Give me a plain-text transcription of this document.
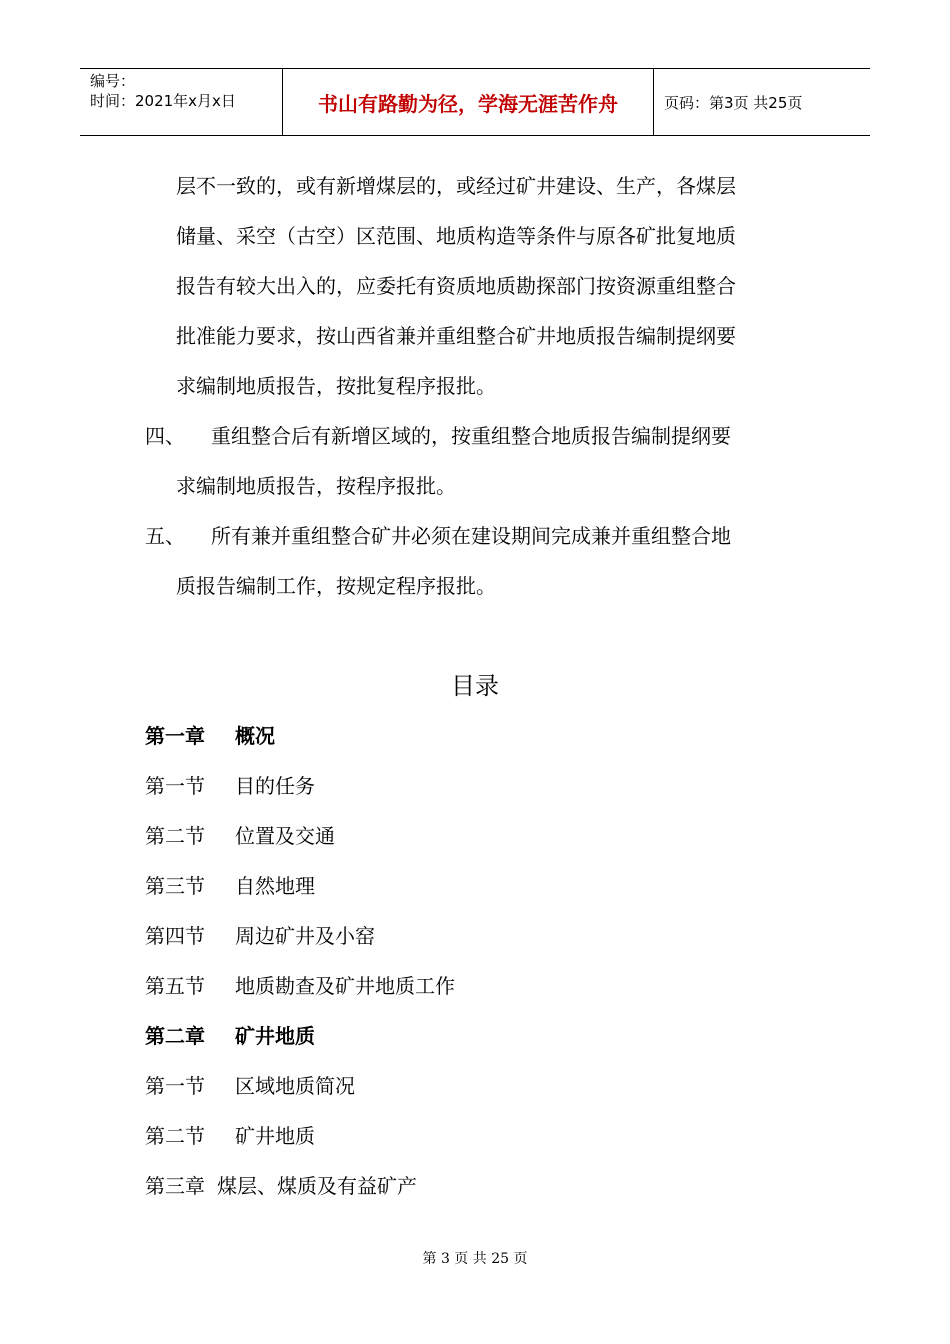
编号：
时间：2021年x月x日	书山有路勤为径，学海无涯苦作舟	页码：第3页 共25页
层不一致的，或有新增煤层的，或经过矿井建设、生产，各煤层
储量、采空（古空）区范围、地质构造等条件与原各矿批复地质
报告有较大出入的，应委托有资质地质勘探部门按资源重组整合
批准能力要求，按山西省兼并重组整合矿井地质报告编制提纲要
求编制地质报告，按批复程序报批。
四、 重组整合后有新增区域的，按重组整合地质报告编制提纲要
求编制地质报告，按程序报批。
五、 所有兼并重组整合矿井必须在建设期间完成兼并重组整合地
质报告编制工作，按规定程序报批。
目录
第一章 概况
第一节 目的任务
第二节 位置及交通
第三节 自然地理
第四节 周边矿井及小窑
第五节 地质勘查及矿井地质工作
第二章 矿井地质
第一节 区域地质简况
第二节 矿井地质
第三章 煤层、煤质及有益矿产
第 3 页 共 25 页
